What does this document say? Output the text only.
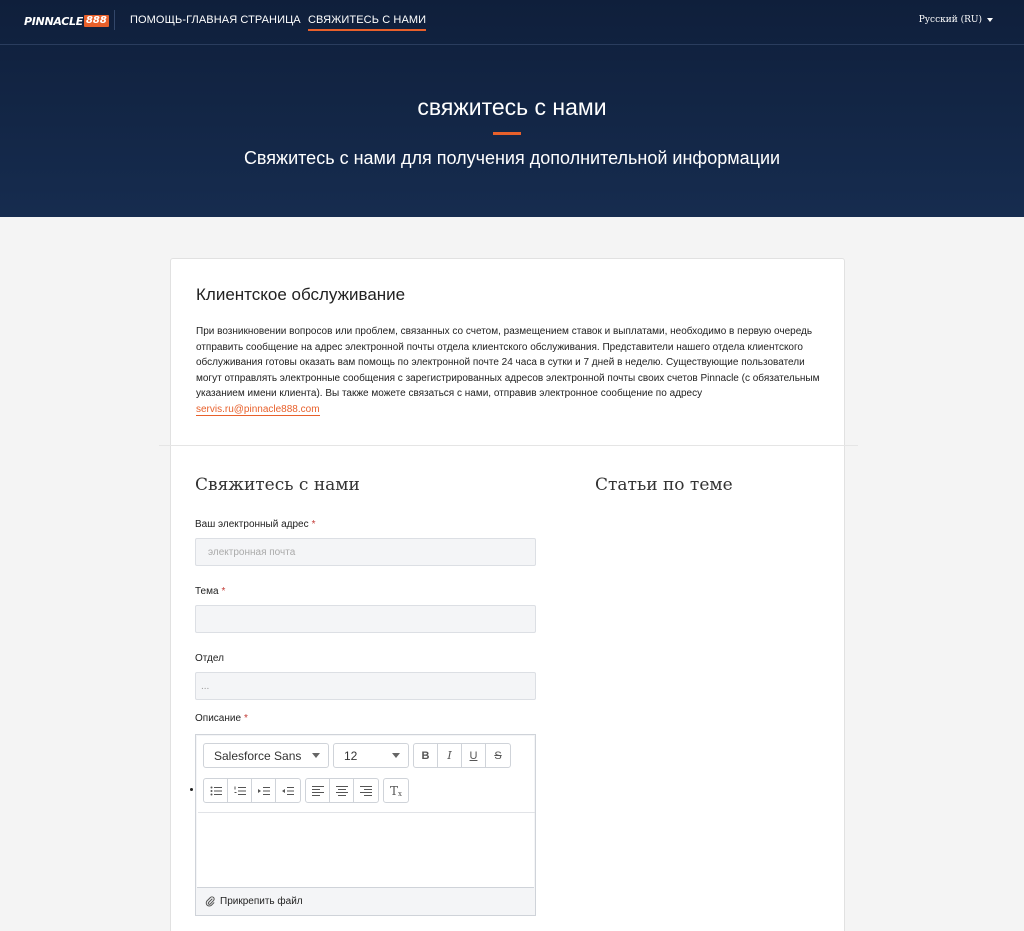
PINNACLE 888 ПОМОЩЬ-ГЛАВНАЯ СТРАНИЦА СВЯЖИТЕСЬ С НАМИ	Русский (RU)
свяжитесь с нами
Свяжитесь с нами для получения дополнительной информации
Клиентское обслуживание
При возникновении вопросов или проблем, связанных со счетом, размещением ставок и выплатами, необходимо в первую очередь отправить сообщение на адрес электронной почты отдела клиентского обслуживания. Представители нашего отдела клиентского обслуживания готовы оказать вам помощь по электронной почте 24 часа в сутки и 7 дней в неделю. Существующие пользователи могут отправлять электронные сообщения с зарегистрированных адресов электронной почты своих счетов Pinnacle (с обязательным указанием имени клиента). Вы также можете связаться с нами, отправив электронное сообщение по адресу servis.ru@pinnacle888.com
Свяжитесь с нами	Статьи по теме
Ваш электронный адрес *
электронная почта
Тема *
Отдел
...
Описание *
Salesforce Sans	12	B	I	U	S
T x
Прикрепить файл
